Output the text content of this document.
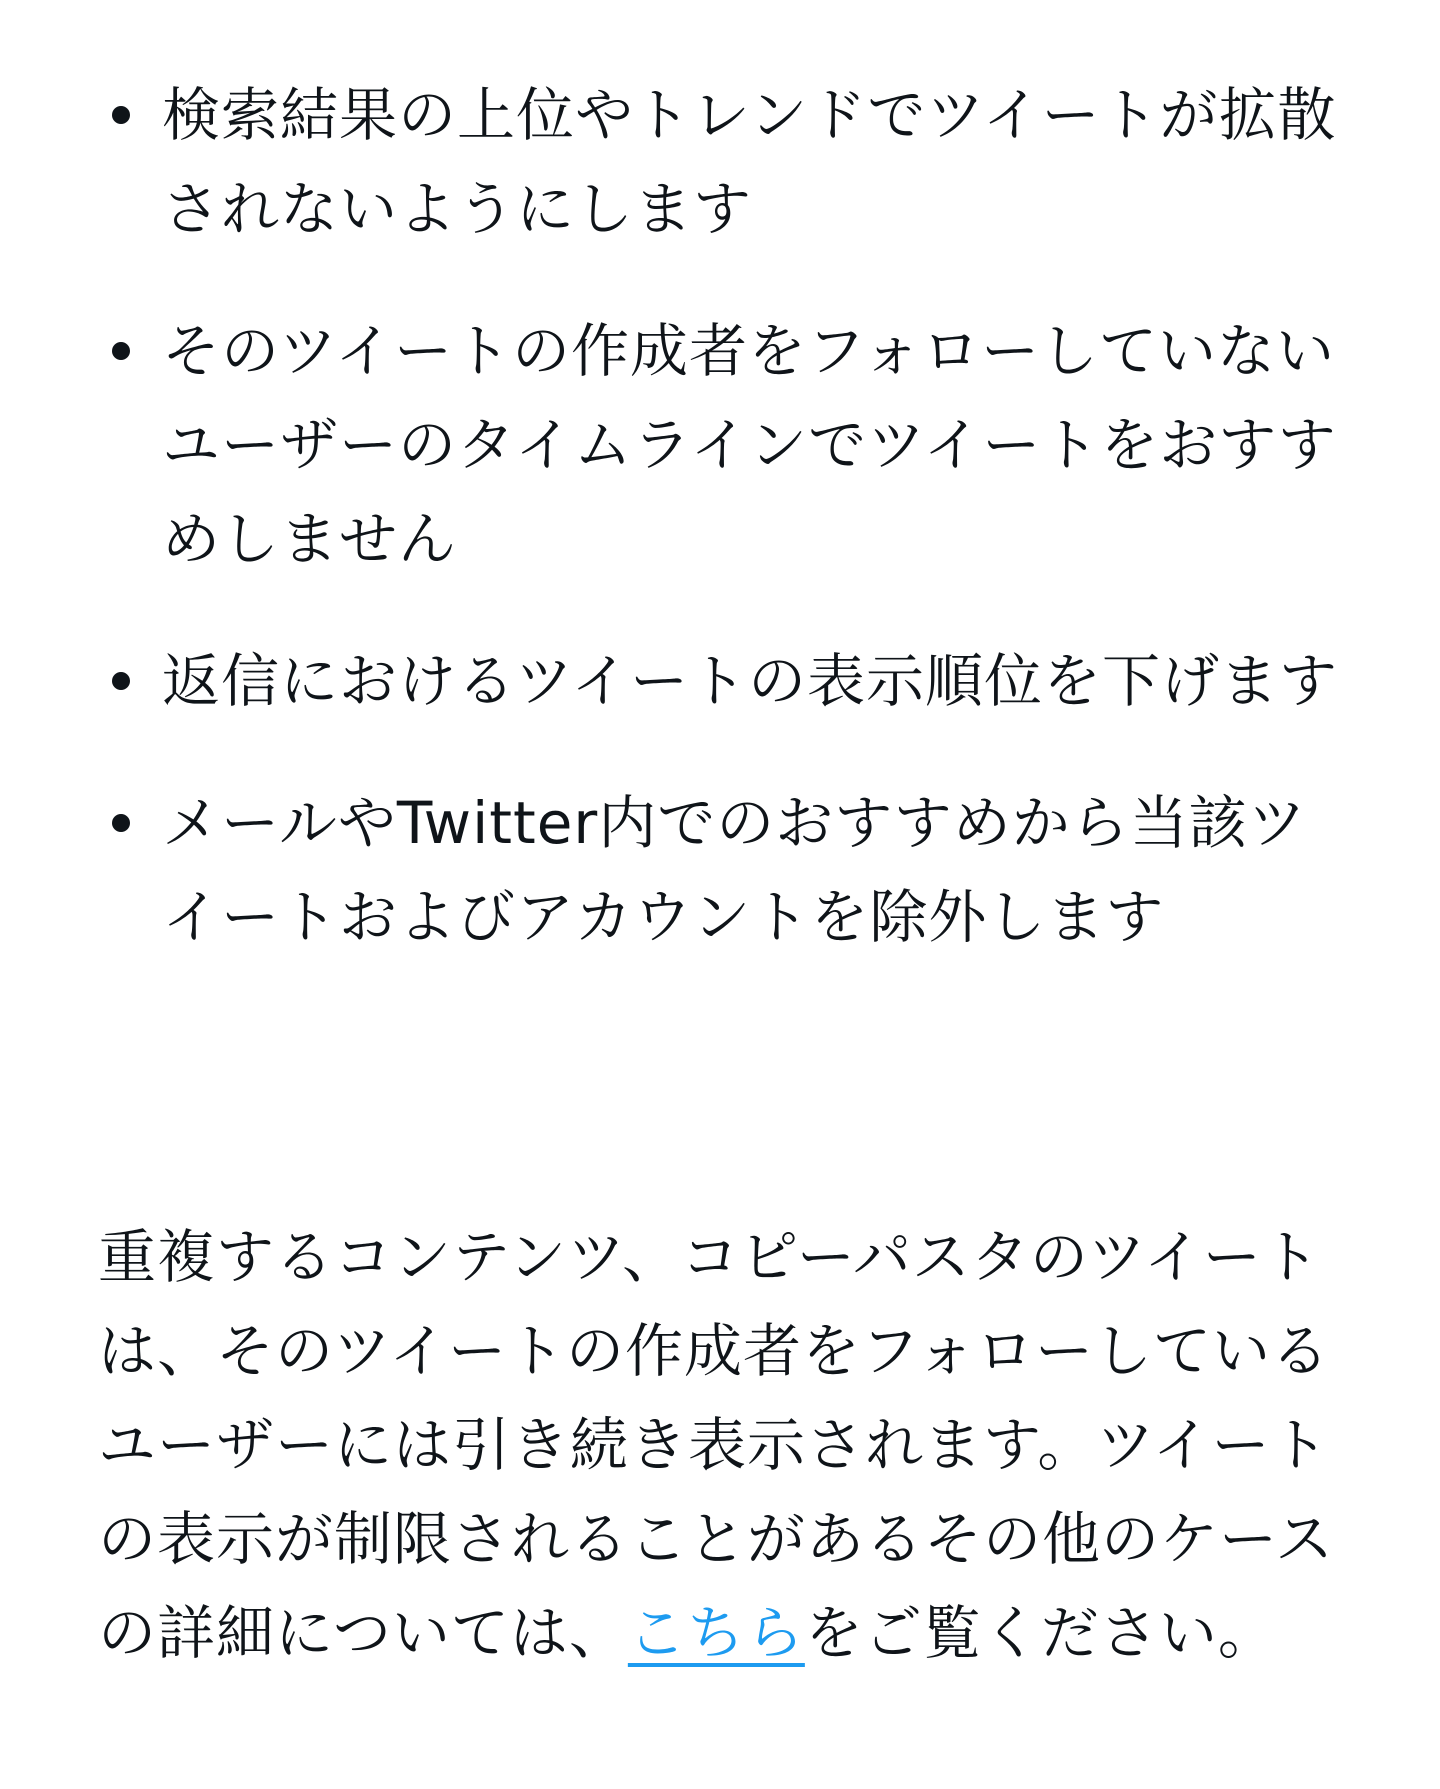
検索結果の上位やトレンドでツイートが拡散されないようにします
そのツイートの作成者をフォローしていないユーザーのタイムラインでツイートをおすすめしません
返信におけるツイートの表示順位を下げます
メールやTwitter内でのおすすめから当該ツイートおよびアカウントを除外します

重複するコンテンツ、コピーパスタのツイートは、そのツイートの作成者をフォローしているユーザーには引き続き表示されます。ツイートの表示が制限されることがあるその他のケースの詳細については、こちらをご覧ください。
